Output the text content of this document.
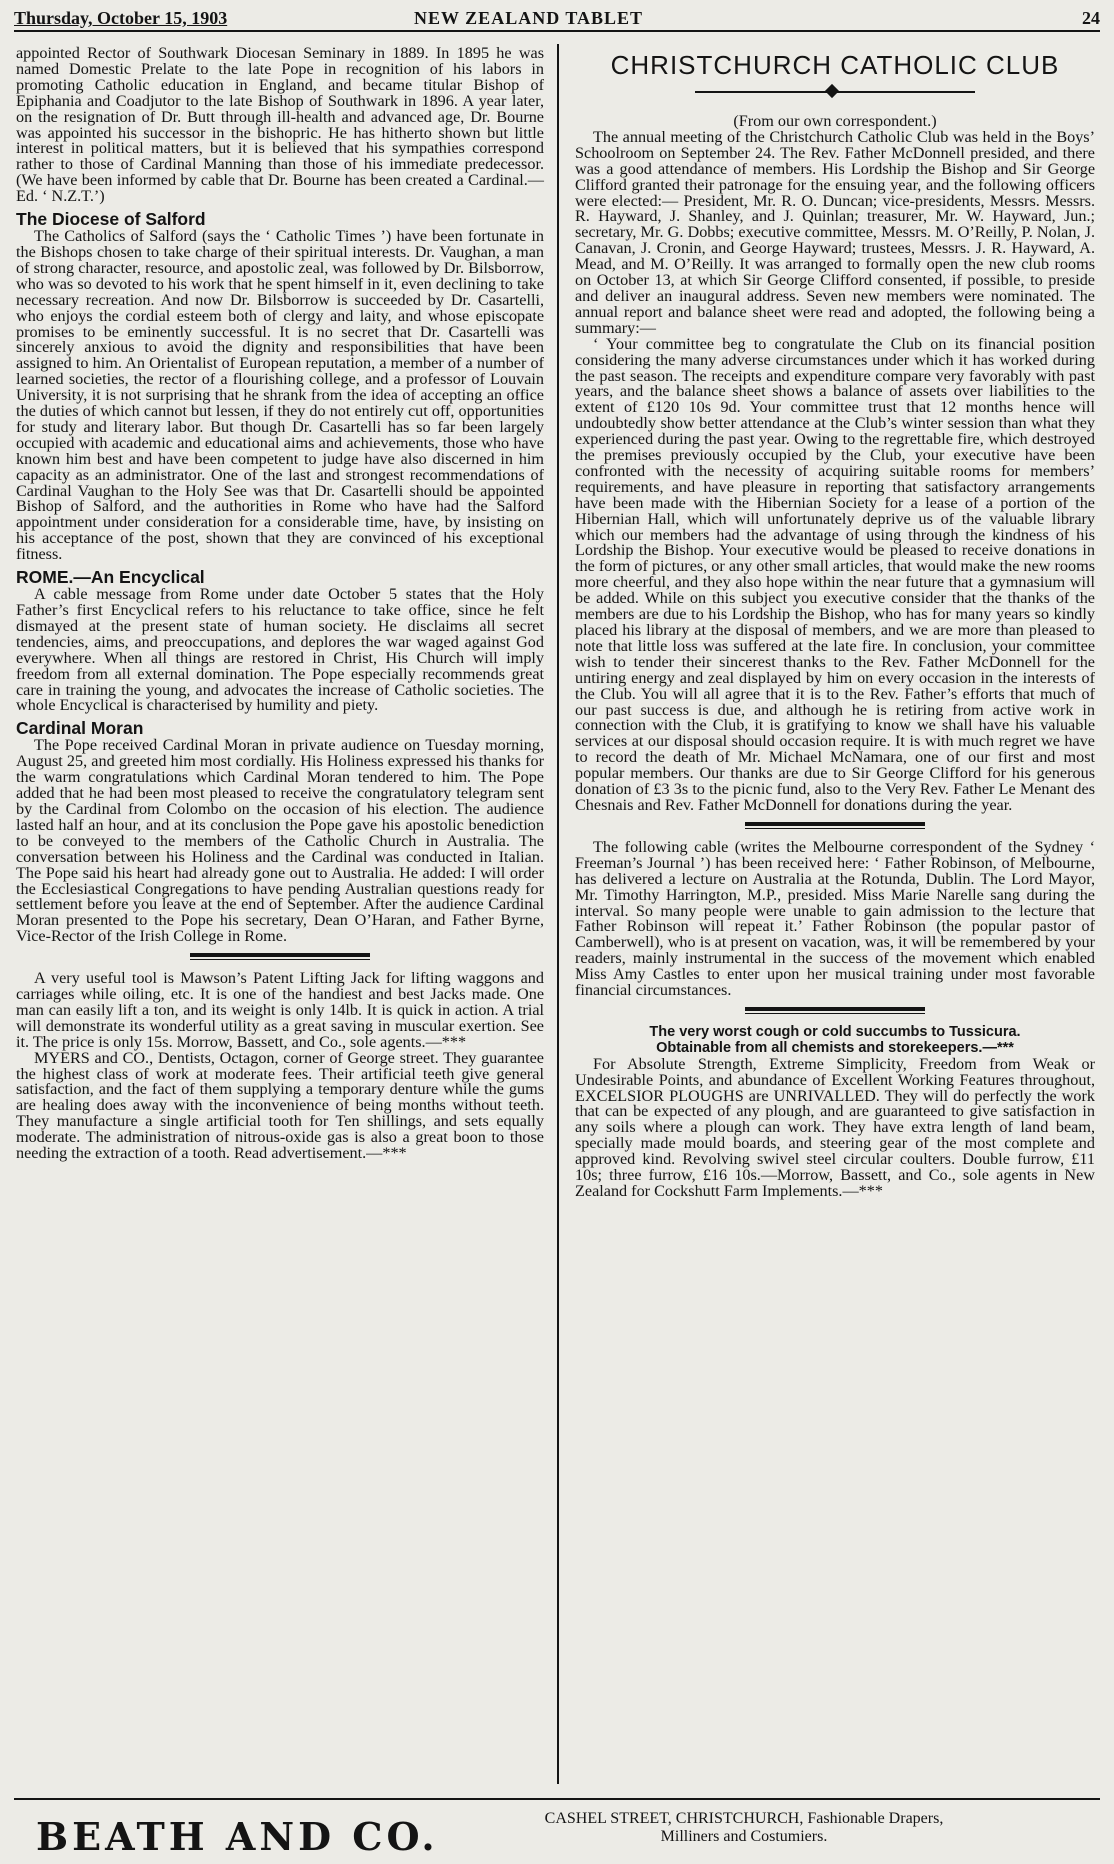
Thursday, October 15, 1903	NEW ZEALAND TABLET	24

appointed Rector of Southwark Diocesan Seminary in 1889. In 1895 he was named Domestic Prelate to the late Pope in recognition of his labors in promoting Catholic education in England, and became titular Bishop of Epiphania and Coadjutor to the late Bishop of Southwark in 1896. A year later, on the resignation of Dr. Butt through ill-health and advanced age, Dr. Bourne was appointed his successor in the bishopric. He has hitherto shown but little interest in political matters, but it is believed that his sympathies correspond rather to those of Cardinal Manning than those of his immediate predecessor. (We have been informed by cable that Dr. Bourne has been created a Cardinal.—Ed. ‘ N.Z.T.’)

The Diocese of Salford

The Catholics of Salford (says the ‘ Catholic Times ’) have been fortunate in the Bishops chosen to take charge of their spiritual interests. Dr. Vaughan, a man of strong character, resource, and apostolic zeal, was followed by Dr. Bilsborrow, who was so devoted to his work that he spent himself in it, even declining to take necessary recreation. And now Dr. Bilsborrow is succeeded by Dr. Casartelli, who enjoys the cordial esteem both of clergy and laity, and whose episcopate promises to be eminently successful. It is no secret that Dr. Casartelli was sincerely anxious to avoid the dignity and responsibilities that have been assigned to him. An Orientalist of European reputation, a member of a number of learned societies, the rector of a flourishing college, and a professor of Louvain University, it is not surprising that he shrank from the idea of accepting an office the duties of which cannot but lessen, if they do not entirely cut off, opportunities for study and literary labor. But though Dr. Casartelli has so far been largely occupied with academic and educational aims and achievements, those who have known him best and have been competent to judge have also discerned in him capacity as an administrator. One of the last and strongest recommendations of Cardinal Vaughan to the Holy See was that Dr. Casartelli should be appointed Bishop of Salford, and the authorities in Rome who have had the Salford appointment under consideration for a considerable time, have, by insisting on his acceptance of the post, shown that they are convinced of his exceptional fitness.

ROME.—An Encyclical

A cable message from Rome under date October 5 states that the Holy Father’s first Encyclical refers to his reluctance to take office, since he felt dismayed at the present state of human society. He disclaims all secret tendencies, aims, and preoccupations, and deplores the war waged against God everywhere. When all things are restored in Christ, His Church will imply freedom from all external domination. The Pope especially recommends great care in training the young, and advocates the increase of Catholic societies. The whole Encyclical is characterised by humility and piety.

Cardinal Moran

The Pope received Cardinal Moran in private audience on Tuesday morning, August 25, and greeted him most cordially. His Holiness expressed his thanks for the warm congratulations which Cardinal Moran tendered to him. The Pope added that he had been most pleased to receive the congratulatory telegram sent by the Cardinal from Colombo on the occasion of his election. The audience lasted half an hour, and at its conclusion the Pope gave his apostolic benediction to be conveyed to the members of the Catholic Church in Australia. The conversation between his Holiness and the Cardinal was conducted in Italian. The Pope said his heart had already gone out to Australia. He added: I will order the Ecclesiastical Congregations to have pending Australian questions ready for settlement before you leave at the end of September. After the audience Cardinal Moran presented to the Pope his secretary, Dean O’Haran, and Father Byrne, Vice-Rector of the Irish College in Rome.

A very useful tool is Mawson’s Patent Lifting Jack for lifting waggons and carriages while oiling, etc. It is one of the handiest and best Jacks made. One man can easily lift a ton, and its weight is only 14lb. It is quick in action. A trial will demonstrate its wonderful utility as a great saving in muscular exertion. See it. The price is only 15s. Morrow, Bassett, and Co., sole agents.—***

MYERS and CO., Dentists, Octagon, corner of George street. They guarantee the highest class of work at moderate fees. Their artificial teeth give general satisfaction, and the fact of them supplying a temporary denture while the gums are healing does away with the inconvenience of being months without teeth. They manufacture a single artificial tooth for Ten shillings, and sets equally moderate. The administration of nitrous-oxide gas is also a great boon to those needing the extraction of a tooth. Read advertisement.—***

CHRISTCHURCH CATHOLIC CLUB

(From our own correspondent.)

The annual meeting of the Christchurch Catholic Club was held in the Boys’ Schoolroom on September 24. The Rev. Father McDonnell presided, and there was a good attendance of members. His Lordship the Bishop and Sir George Clifford granted their patronage for the ensuing year, and the following officers were elected:— President, Mr. R. O. Duncan; vice-presidents, Messrs. Messrs. R. Hayward, J. Shanley, and J. Quinlan; treasurer, Mr. W. Hayward, Jun.; secretary, Mr. G. Dobbs; executive committee, Messrs. M. O’Reilly, P. Nolan, J. Canavan, J. Cronin, and George Hayward; trustees, Messrs. J. R. Hayward, A. Mead, and M. O’Reilly. It was arranged to formally open the new club rooms on October 13, at which Sir George Clifford consented, if possible, to preside and deliver an inaugural address. Seven new members were nominated. The annual report and balance sheet were read and adopted, the following being a summary:—

‘ Your committee beg to congratulate the Club on its financial position considering the many adverse circumstances under which it has worked during the past season. The receipts and expenditure compare very favorably with past years, and the balance sheet shows a balance of assets over liabilities to the extent of £120 10s 9d. Your committee trust that 12 months hence will undoubtedly show better attendance at the Club’s winter session than what they experienced during the past year. Owing to the regrettable fire, which destroyed the premises previously occupied by the Club, your executive have been confronted with the necessity of acquiring suitable rooms for members’ requirements, and have pleasure in reporting that satisfactory arrangements have been made with the Hibernian Society for a lease of a portion of the Hibernian Hall, which will unfortunately deprive us of the valuable library which our members had the advantage of using through the kindness of his Lordship the Bishop. Your executive would be pleased to receive donations in the form of pictures, or any other small articles, that would make the new rooms more cheerful, and they also hope within the near future that a gymnasium will be added. While on this subject you executive consider that the thanks of the members are due to his Lordship the Bishop, who has for many years so kindly placed his library at the disposal of members, and we are more than pleased to note that little loss was suffered at the late fire. In conclusion, your committee wish to tender their sincerest thanks to the Rev. Father McDonnell for the untiring energy and zeal displayed by him on every occasion in the interests of the Club. You will all agree that it is to the Rev. Father’s efforts that much of our past success is due, and although he is retiring from active work in connection with the Club, it is gratifying to know we shall have his valuable services at our disposal should occasion require. It is with much regret we have to record the death of Mr. Michael McNamara, one of our first and most popular members. Our thanks are due to Sir George Clifford for his generous donation of £3 3s to the picnic fund, also to the Very Rev. Father Le Menant des Chesnais and Rev. Father McDonnell for donations during the year.

The following cable (writes the Melbourne correspondent of the Sydney ‘ Freeman’s Journal ’) has been received here: ‘ Father Robinson, of Melbourne, has delivered a lecture on Australia at the Rotunda, Dublin. The Lord Mayor, Mr. Timothy Harrington, M.P., presided. Miss Marie Narelle sang during the interval. So many people were unable to gain admission to the lecture that Father Robinson will repeat it.’ Father Robinson (the popular pastor of Camberwell), who is at present on vacation, was, it will be remembered by your readers, mainly instrumental in the success of the movement which enabled Miss Amy Castles to enter upon her musical training under most favorable financial circumstances.

The very worst cough or cold succumbs to Tussicura.

Obtainable from all chemists and storekeepers.—***

For Absolute Strength, Extreme Simplicity, Freedom from Weak or Undesirable Points, and abundance of Excellent Working Features throughout, EXCELSIOR PLOUGHS are UNRIVALLED. They will do perfectly the work that can be expected of any plough, and are guaranteed to give satisfaction in any soils where a plough can work. They have extra length of land beam, specially made mould boards, and steering gear of the most complete and approved kind. Revolving swivel steel circular coulters. Double furrow, £11 10s; three furrow, £16 10s.—Morrow, Bassett, and Co., sole agents in New Zealand for Cockshutt Farm Implements.—***

BEATH AND CO.	CASHEL STREET, CHRISTCHURCH, Fashionable Drapers,
Milliners and Costumiers.
